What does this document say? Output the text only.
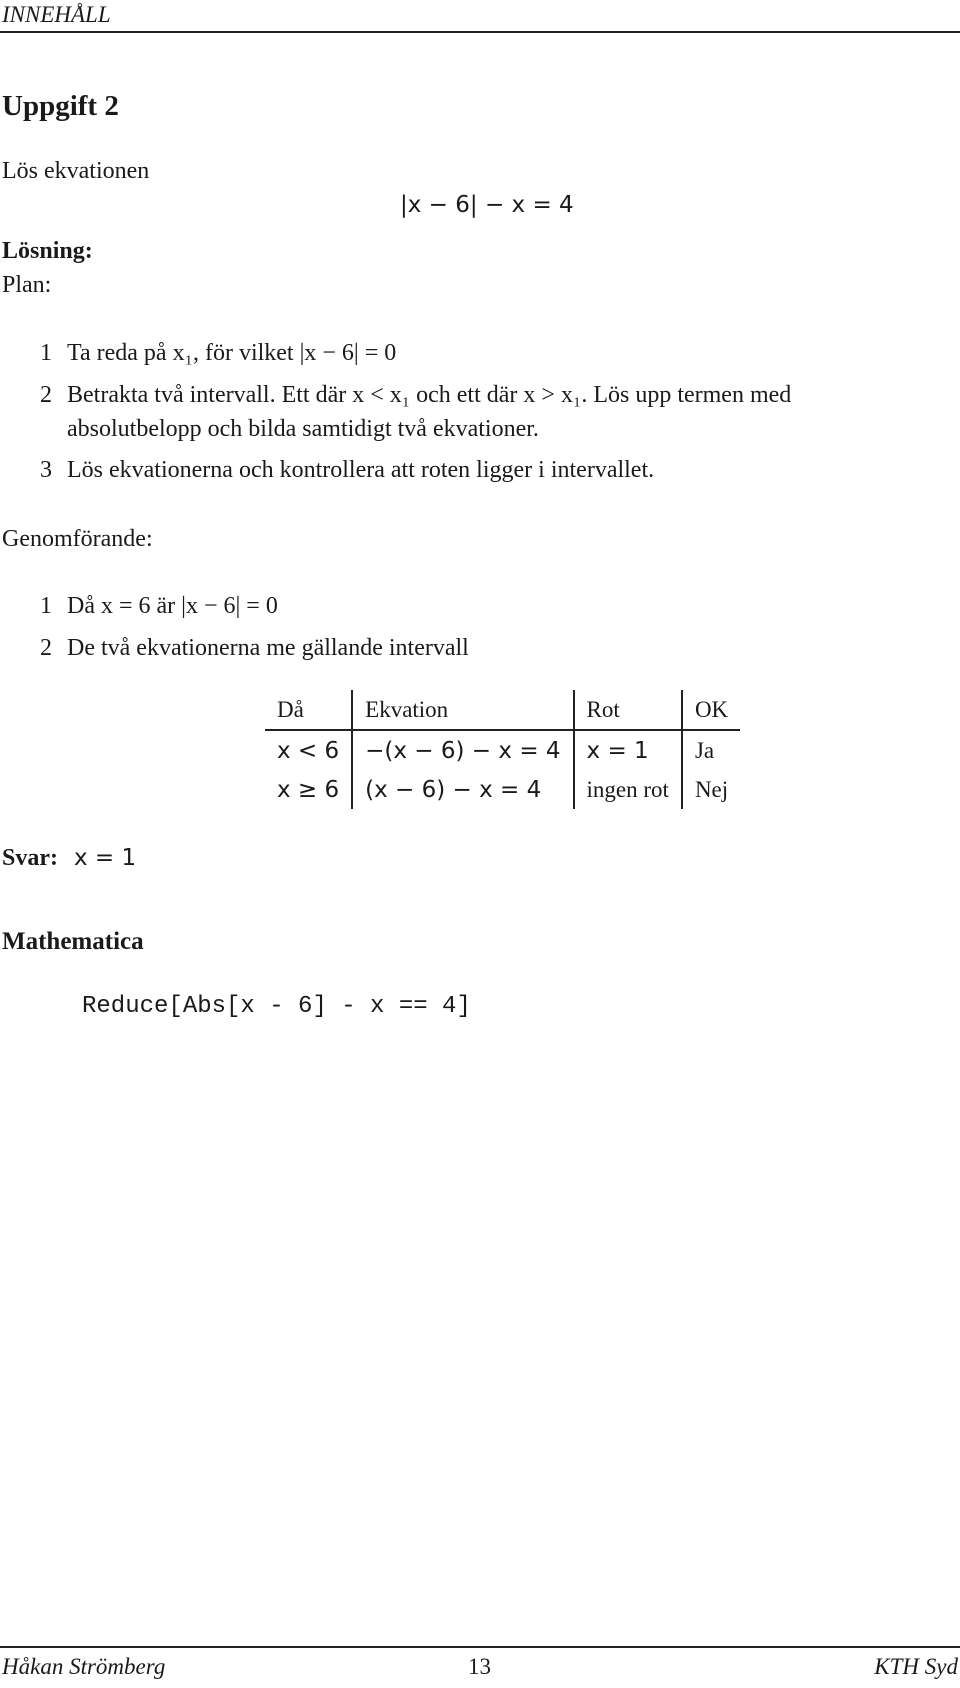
INNEHÅLL
Uppgift 2
Lös ekvationen
|x − 6| − x = 4
Lösning:
Plan:
1 Ta reda på x₁, för vilket |x − 6| = 0
2 Betrakta två intervall. Ett där x < x₁ och ett där x > x₁. Lös upp termen med
absolutbelopp och bilda samtidigt två ekvationer.
3 Lös ekvationerna och kontrollera att roten ligger i intervallet.
Genomförande:
1 Då x = 6 är |x − 6| = 0
2 De två ekvationerna me gällande intervall
Då	Ekvation	Rot	OK
x < 6	−(x − 6) − x = 4	x = 1	Ja
x ≥ 6	(x − 6) − x = 4	ingen rot	Nej
Svar: x = 1
Mathematica
Reduce[Abs[x - 6] - x == 4]
Håkan Strömberg	13	KTH Syd
